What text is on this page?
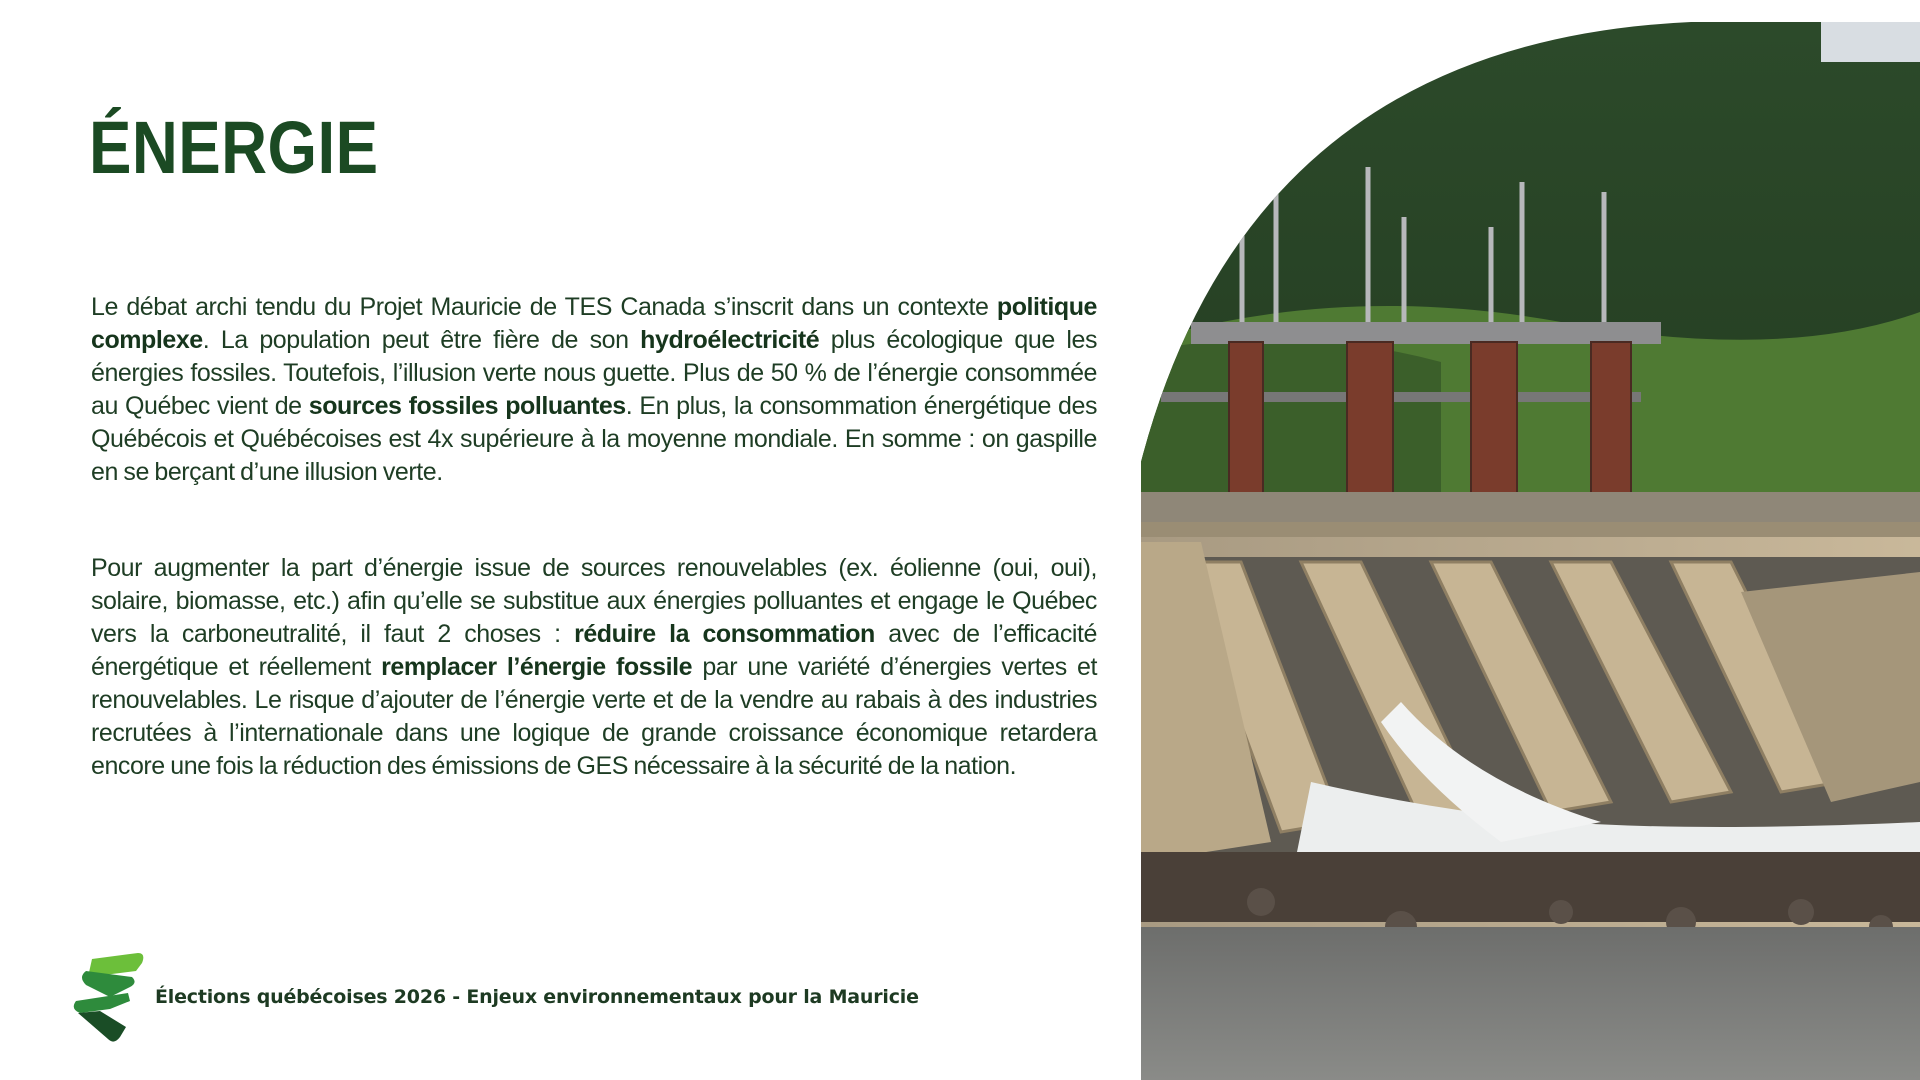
ÉNERGIE

Le débat archi tendu du Projet Mauricie de TES Canada s’inscrit dans un contexte politique complexe. La population peut être fière de son hydroélectricité plus écologique que les énergies fossiles. Toutefois, l’illusion verte nous guette. Plus de 50 % de l’énergie consommée au Québec vient de sources fossiles polluantes. En plus, la consommation énergétique des Québécois et Québécoises est 4x supérieure à la moyenne mondiale. En somme : on gaspille en se berçant d’une illusion verte.

Pour augmenter la part d’énergie issue de sources renouvelables (ex. éolienne (oui, oui), solaire, biomasse, etc.) afin qu’elle se substitue aux énergies polluantes et engage le Québec vers la carboneutralité, il faut 2 choses : réduire la consommation avec de l’efficacité énergétique et réellement remplacer l’énergie fossile par une variété d’énergies vertes et renouvelables. Le risque d’ajouter de l’énergie verte et de la vendre au rabais à des industries recrutées à l’internationale dans une logique de grande croissance économique retardera encore une fois la réduction des émissions de GES nécessaire à la sécurité de la nation.

Élections québécoises 2026 - Enjeux environnementaux pour la Mauricie
